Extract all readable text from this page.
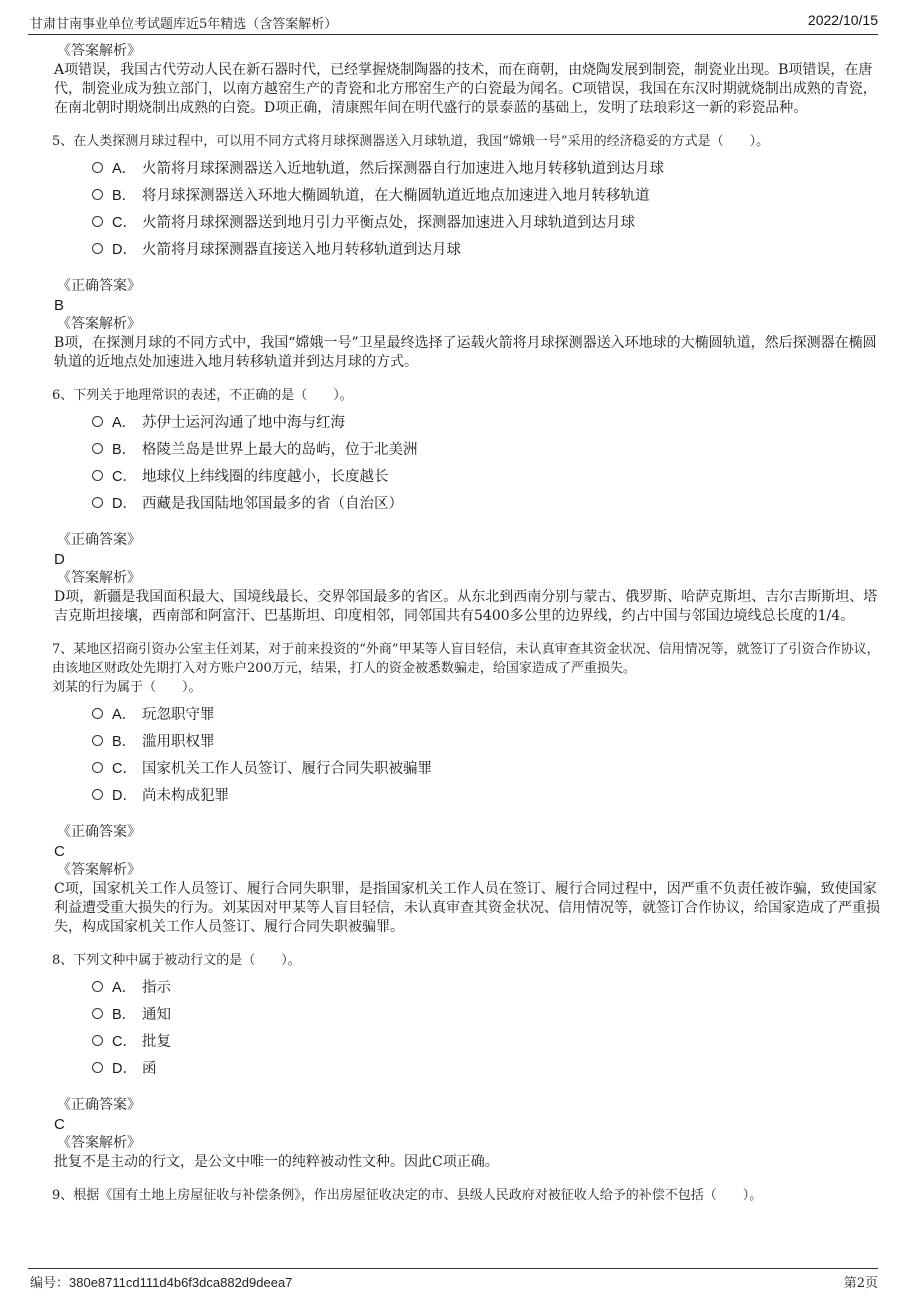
甘肃甘南事业单位考试题库近5年精选（含答案解析）	2022/10/15
《答案解析》
A项错误，我国古代劳动人民在新石器时代，已经掌握烧制陶器的技术，而在商朝，由烧陶发展到制瓷，制瓷业出现。B项错误，在唐代，制瓷业成为独立部门，以南方越窑生产的青瓷和北方邢窑生产的白瓷最为闻名。C项错误，我国在东汉时期就烧制出成熟的青瓷，在南北朝时期烧制出成熟的白瓷。D项正确，清康熙年间在明代盛行的景泰蓝的基础上，发明了珐琅彩这一新的彩瓷品种。
5、在人类探测月球过程中，可以用不同方式将月球探测器送入月球轨道，我国“嫦娥一号”采用的经济稳妥的方式是（　　）。
A． 火箭将月球探测器送入近地轨道，然后探测器自行加速进入地月转移轨道到达月球
B． 将月球探测器送入环地大椭圆轨道，在大椭圆轨道近地点加速进入地月转移轨道
C． 火箭将月球探测器送到地月引力平衡点处，探测器加速进入月球轨道到达月球
D． 火箭将月球探测器直接送入地月转移轨道到达月球
《正确答案》
B
《答案解析》
B项，在探测月球的不同方式中，我国“嫦娥一号”卫星最终选择了运载火箭将月球探测器送入环地球的大椭圆轨道，然后探测器在椭圆轨道的近地点处加速进入地月转移轨道并到达月球的方式。
6、下列关于地理常识的表述，不正确的是（　　）。
A． 苏伊士运河沟通了地中海与红海
B． 格陵兰岛是世界上最大的岛屿，位于北美洲
C． 地球仪上纬线圈的纬度越小，长度越长
D． 西藏是我国陆地邻国最多的省（自治区）
《正确答案》
D
《答案解析》
D项，新疆是我国面积最大、国境线最长、交界邻国最多的省区。从东北到西南分别与蒙古、俄罗斯、哈萨克斯坦、吉尔吉斯斯坦、塔吉克斯坦接壤，西南部和阿富汗、巴基斯坦、印度相邻，同邻国共有5400多公里的边界线，约占中国与邻国边境线总长度的1/4。
7、某地区招商引资办公室主任刘某，对于前来投资的“外商”甲某等人盲目轻信，未认真审查其资金状况、信用情况等，就签订了引资合作协议，由该地区财政处先期打入对方账户200万元，结果，打人的资金被悉数骗走，给国家造成了严重损失。
刘某的行为属于（　　）。
A． 玩忽职守罪
B． 滥用职权罪
C． 国家机关工作人员签订、履行合同失职被骗罪
D． 尚未构成犯罪
《正确答案》
C
《答案解析》
C项，国家机关工作人员签订、履行合同失职罪，是指国家机关工作人员在签订、履行合同过程中，因严重不负责任被诈骗，致使国家利益遭受重大损失的行为。刘某因对甲某等人盲目轻信，未认真审查其资金状况、信用情况等，就签订合作协议，给国家造成了严重损失，构成国家机关工作人员签订、履行合同失职被骗罪。
8、下列文种中属于被动行文的是（　　）。
A． 指示
B． 通知
C． 批复
D． 函
《正确答案》
C
《答案解析》
批复不是主动的行文，是公文中唯一的纯粹被动性文种。因此C项正确。
9、根据《国有土地上房屋征收与补偿条例》，作出房屋征收决定的市、县级人民政府对被征收人给予的补偿不包括（　　）。
编号：380e8711cd111d4b6f3dca882d9deea7	第2页
